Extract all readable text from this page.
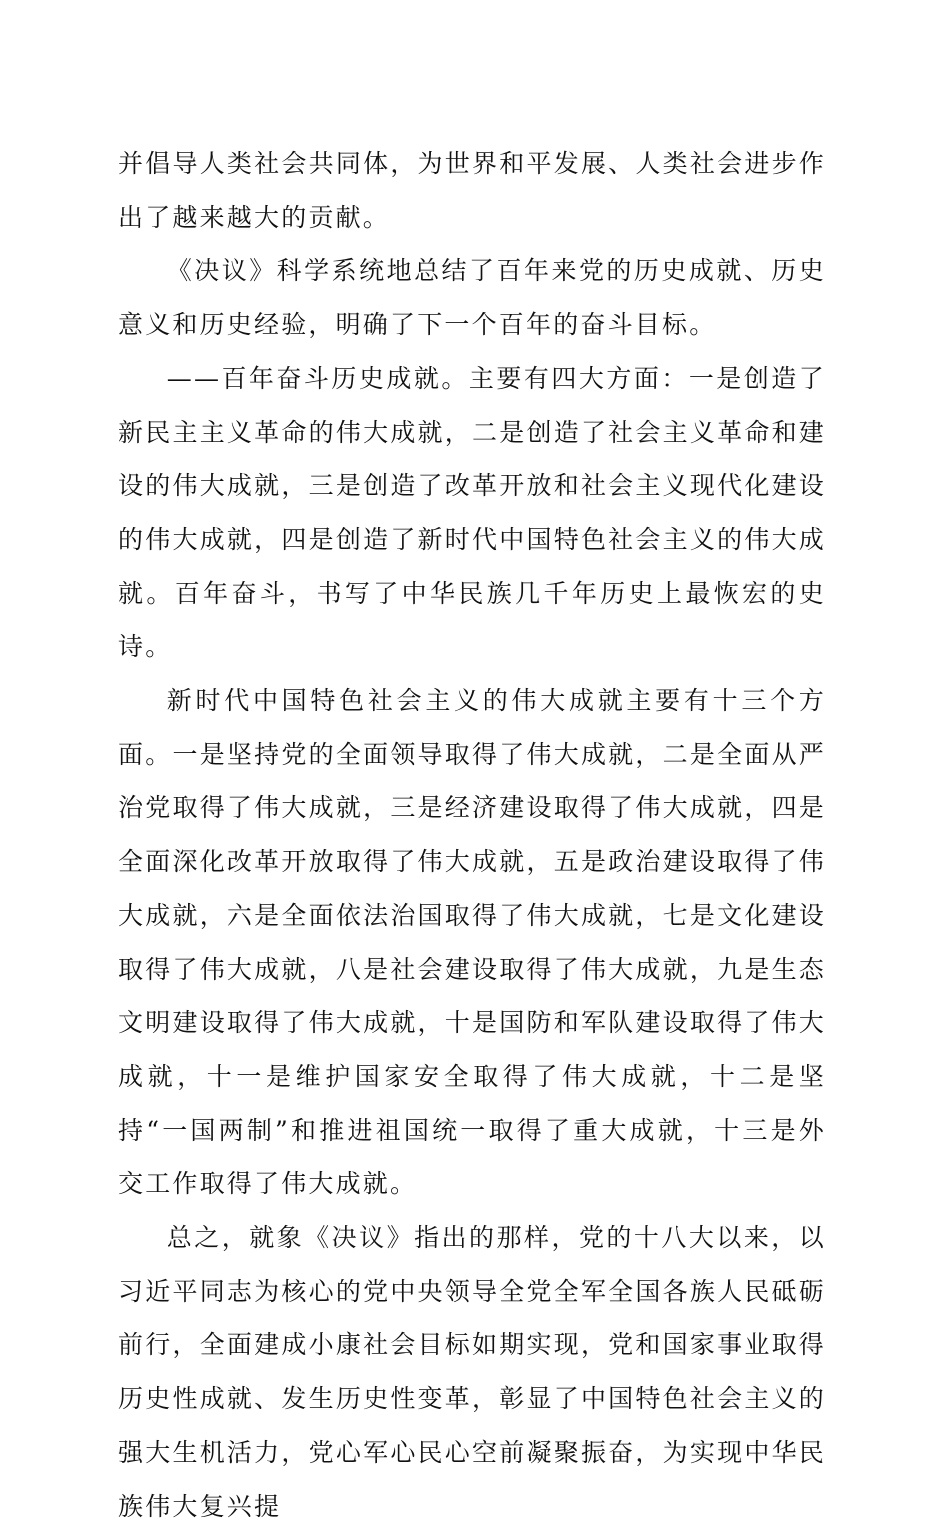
并倡导人类社会共同体，为世界和平发展、人类社会进步作出了越来越大的贡献。

《决议》科学系统地总结了百年来党的历史成就、历史意义和历史经验，明确了下一个百年的奋斗目标。

——百年奋斗历史成就。主要有四大方面：一是创造了新民主主义革命的伟大成就，二是创造了社会主义革命和建设的伟大成就，三是创造了改革开放和社会主义现代化建设的伟大成就，四是创造了新时代中国特色社会主义的伟大成就。百年奋斗，书写了中华民族几千年历史上最恢宏的史诗。

新时代中国特色社会主义的伟大成就主要有十三个方面。一是坚持党的全面领导取得了伟大成就，二是全面从严治党取得了伟大成就，三是经济建设取得了伟大成就，四是全面深化改革开放取得了伟大成就，五是政治建设取得了伟大成就，六是全面依法治国取得了伟大成就，七是文化建设取得了伟大成就，八是社会建设取得了伟大成就，九是生态文明建设取得了伟大成就，十是国防和军队建设取得了伟大成就，十一是维护国家安全取得了伟大成就，十二是坚持“一国两制”和推进祖国统一取得了重大成就，十三是外交工作取得了伟大成就。

总之，就象《决议》指出的那样，党的十八大以来，以习近平同志为核心的党中央领导全党全军全国各族人民砥砺前行，全面建成小康社会目标如期实现，党和国家事业取得历史性成就、发生历史性变革，彰显了中国特色社会主义的强大生机活力，党心军心民心空前凝聚振奋，为实现中华民族伟大复兴提
